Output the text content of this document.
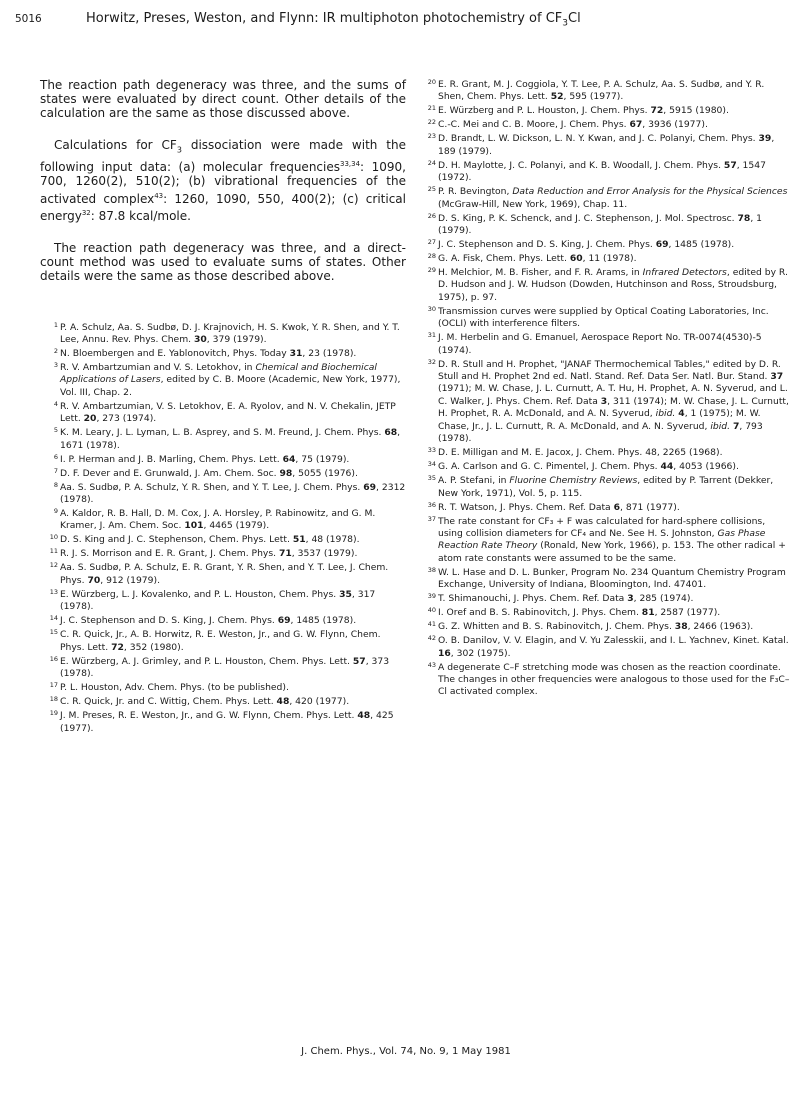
5016	Horwitz, Preses, Weston, and Flynn: IR multiphoton photochemistry of $CF_3Cl$

The reaction path degeneracy was three, and the sums of states were evaluated by direct count. Other details of the calculation are the same as those discussed above.

Calculations for $CF_3$ dissociation were made with the following input data: (a) molecular frequencies$^{33,34}$: 1090, 700, 1260(2), 510(2); (b) vibrational frequencies of the activated complex$^{43}$: 1260, 1090, 550, 400(2); (c) critical energy$^{32}$: 87.8 kcal/mole.

The reaction path degeneracy was three, and a direct-count method was used to evaluate sums of states. Other details were the same as those described above.

1 P. A. Schulz, Aa. S. Sudbø, D. J. Krajnovich, H. S. Kwok, Y. R. Shen, and Y. T. Lee, Annu. Rev. Phys. Chem. 30, 379 (1979).

2 N. Bloembergen and E. Yablonovitch, Phys. Today 31, 23 (1978).

3 R. V. Ambartzumian and V. S. Letokhov, in Chemical and Biochemical Applications of Lasers, edited by C. B. Moore (Academic, New York, 1977), Vol. III, Chap. 2.

4 R. V. Ambartzumian, V. S. Letokhov, E. A. Ryolov, and N. V. Chekalin, JETP Lett. 20, 273 (1974).

5 K. M. Leary, J. L. Lyman, L. B. Asprey, and S. M. Freund, J. Chem. Phys. 68, 1671 (1978).

6 I. P. Herman and J. B. Marling, Chem. Phys. Lett. 64, 75 (1979).

7 D. F. Dever and E. Grunwald, J. Am. Chem. Soc. 98, 5055 (1976).

8 Aa. S. Sudbø, P. A. Schulz, Y. R. Shen, and Y. T. Lee, J. Chem. Phys. 69, 2312 (1978).

9 A. Kaldor, R. B. Hall, D. M. Cox, J. A. Horsley, P. Rabinowitz, and G. M. Kramer, J. Am. Chem. Soc. 101, 4465 (1979).

10 D. S. King and J. C. Stephenson, Chem. Phys. Lett. 51, 48 (1978).

11 R. J. S. Morrison and E. R. Grant, J. Chem. Phys. 71, 3537 (1979).

12 Aa. S. Sudbø, P. A. Schulz, E. R. Grant, Y. R. Shen, and Y. T. Lee, J. Chem. Phys. 70, 912 (1979).

13 E. Würzberg, L. J. Kovalenko, and P. L. Houston, Chem. Phys. 35, 317 (1978).

14 J. C. Stephenson and D. S. King, J. Chem. Phys. 69, 1485 (1978).

15 C. R. Quick, Jr., A. B. Horwitz, R. E. Weston, Jr., and G. W. Flynn, Chem. Phys. Lett. 72, 352 (1980).

16 E. Würzberg, A. J. Grimley, and P. L. Houston, Chem. Phys. Lett. 57, 373 (1978).

17 P. L. Houston, Adv. Chem. Phys. (to be published).

18 C. R. Quick, Jr. and C. Wittig, Chem. Phys. Lett. 48, 420 (1977).

19 J. M. Preses, R. E. Weston, Jr., and G. W. Flynn, Chem. Phys. Lett. 48, 425 (1977).

20 E. R. Grant, M. J. Coggiola, Y. T. Lee, P. A. Schulz, Aa. S. Sudbø, and Y. R. Shen, Chem. Phys. Lett. 52, 595 (1977).

21 E. Würzberg and P. L. Houston, J. Chem. Phys. 72, 5915 (1980).

22 C.-C. Mei and C. B. Moore, J. Chem. Phys. 67, 3936 (1977).

23 D. Brandt, L. W. Dickson, L. N. Y. Kwan, and J. C. Polanyi, Chem. Phys. 39, 189 (1979).

24 D. H. Maylotte, J. C. Polanyi, and K. B. Woodall, J. Chem. Phys. 57, 1547 (1972).

25 P. R. Bevington, Data Reduction and Error Analysis for the Physical Sciences (McGraw-Hill, New York, 1969), Chap. 11.

26 D. S. King, P. K. Schenck, and J. C. Stephenson, J. Mol. Spectrosc. 78, 1 (1979).

27 J. C. Stephenson and D. S. King, J. Chem. Phys. 69, 1485 (1978).

28 G. A. Fisk, Chem. Phys. Lett. 60, 11 (1978).

29 H. Melchior, M. B. Fisher, and F. R. Arams, in Infrared Detectors, edited by R. D. Hudson and J. W. Hudson (Dowden, Hutchinson and Ross, Stroudsburg, 1975), p. 97.

30 Transmission curves were supplied by Optical Coating Laboratories, Inc. (OCLI) with interference filters.

31 J. M. Herbelin and G. Emanuel, Aerospace Report No. TR-0074(4530)-5 (1974).

32 D. R. Stull and H. Prophet, "JANAF Thermochemical Tables," edited by D. R. Stull and H. Prophet 2nd ed. Natl. Stand. Ref. Data Ser. Natl. Bur. Stand. 37 (1971); M. W. Chase, J. L. Curnutt, A. T. Hu, H. Prophet, A. N. Syverud, and L. C. Walker, J. Phys. Chem. Ref. Data 3, 311 (1974); M. W. Chase, J. L. Curnutt, H. Prophet, R. A. McDonald, and A. N. Syverud, ibid. 4, 1 (1975); M. W. Chase, Jr., J. L. Curnutt, R. A. McDonald, and A. N. Syverud, ibid. 7, 793 (1978).

33 D. E. Milligan and M. E. Jacox, J. Chem. Phys. 48, 2265 (1968).

34 G. A. Carlson and G. C. Pimentel, J. Chem. Phys. 44, 4053 (1966).

35 A. P. Stefani, in Fluorine Chemistry Reviews, edited by P. Tarrent (Dekker, New York, 1971), Vol. 5, p. 115.

36 R. T. Watson, J. Phys. Chem. Ref. Data 6, 871 (1977).

37 The rate constant for CF₃ + F was calculated for hard-sphere collisions, using collision diameters for CF₄ and Ne. See H. S. Johnston, Gas Phase Reaction Rate Theory (Ronald, New York, 1966), p. 153. The other radical + atom rate constants were assumed to be the same.

38 W. L. Hase and D. L. Bunker, Program No. 234 Quantum Chemistry Program Exchange, University of Indiana, Bloomington, Ind. 47401.

39 T. Shimanouchi, J. Phys. Chem. Ref. Data 3, 285 (1974).

40 I. Oref and B. S. Rabinovitch, J. Phys. Chem. 81, 2587 (1977).

41 G. Z. Whitten and B. S. Rabinovitch, J. Chem. Phys. 38, 2466 (1963).

42 O. B. Danilov, V. V. Elagin, and V. Yu Zalesskii, and I. L. Yachnev, Kinet. Katal. 16, 302 (1975).

43 A degenerate C–F stretching mode was chosen as the reaction coordinate. The changes in other frequencies were analogous to those used for the F₃C–Cl activated complex.

J. Chem. Phys., Vol. 74, No. 9, 1 May 1981
